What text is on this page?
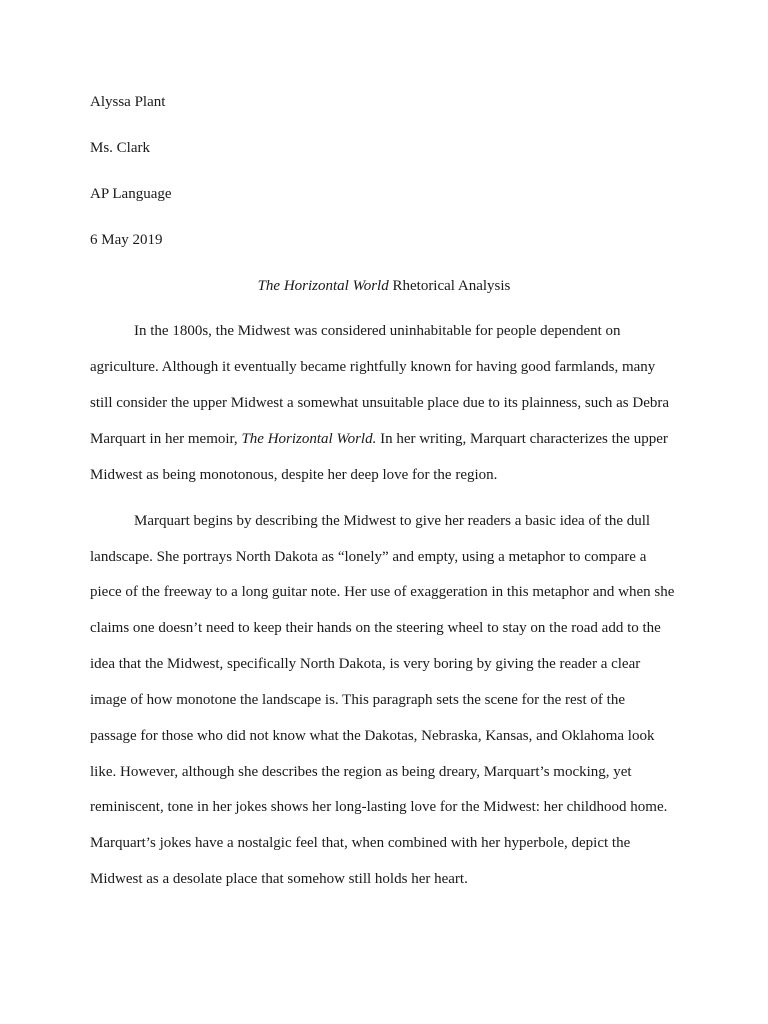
Alyssa Plant
Ms. Clark
AP Language
6 May 2019
The Horizontal World Rhetorical Analysis
In the 1800s, the Midwest was considered uninhabitable for people dependent on
agriculture. Although it eventually became rightfully known for having good farmlands, many
still consider the upper Midwest a somewhat unsuitable place due to its plainness, such as Debra
Marquart in her memoir, The Horizontal World. In her writing, Marquart characterizes the upper
Midwest as being monotonous, despite her deep love for the region.
Marquart begins by describing the Midwest to give her readers a basic idea of the dull
landscape. She portrays North Dakota as “lonely” and empty, using a metaphor to compare a
piece of the freeway to a long guitar note. Her use of exaggeration in this metaphor and when she
claims one doesn’t need to keep their hands on the steering wheel to stay on the road add to the
idea that the Midwest, specifically North Dakota, is very boring by giving the reader a clear
image of how monotone the landscape is. This paragraph sets the scene for the rest of the
passage for those who did not know what the Dakotas, Nebraska, Kansas, and Oklahoma look
like. However, although she describes the region as being dreary, Marquart’s mocking, yet
reminiscent, tone in her jokes shows her long-lasting love for the Midwest: her childhood home.
Marquart’s jokes have a nostalgic feel that, when combined with her hyperbole, depict the
Midwest as a desolate place that somehow still holds her heart.
